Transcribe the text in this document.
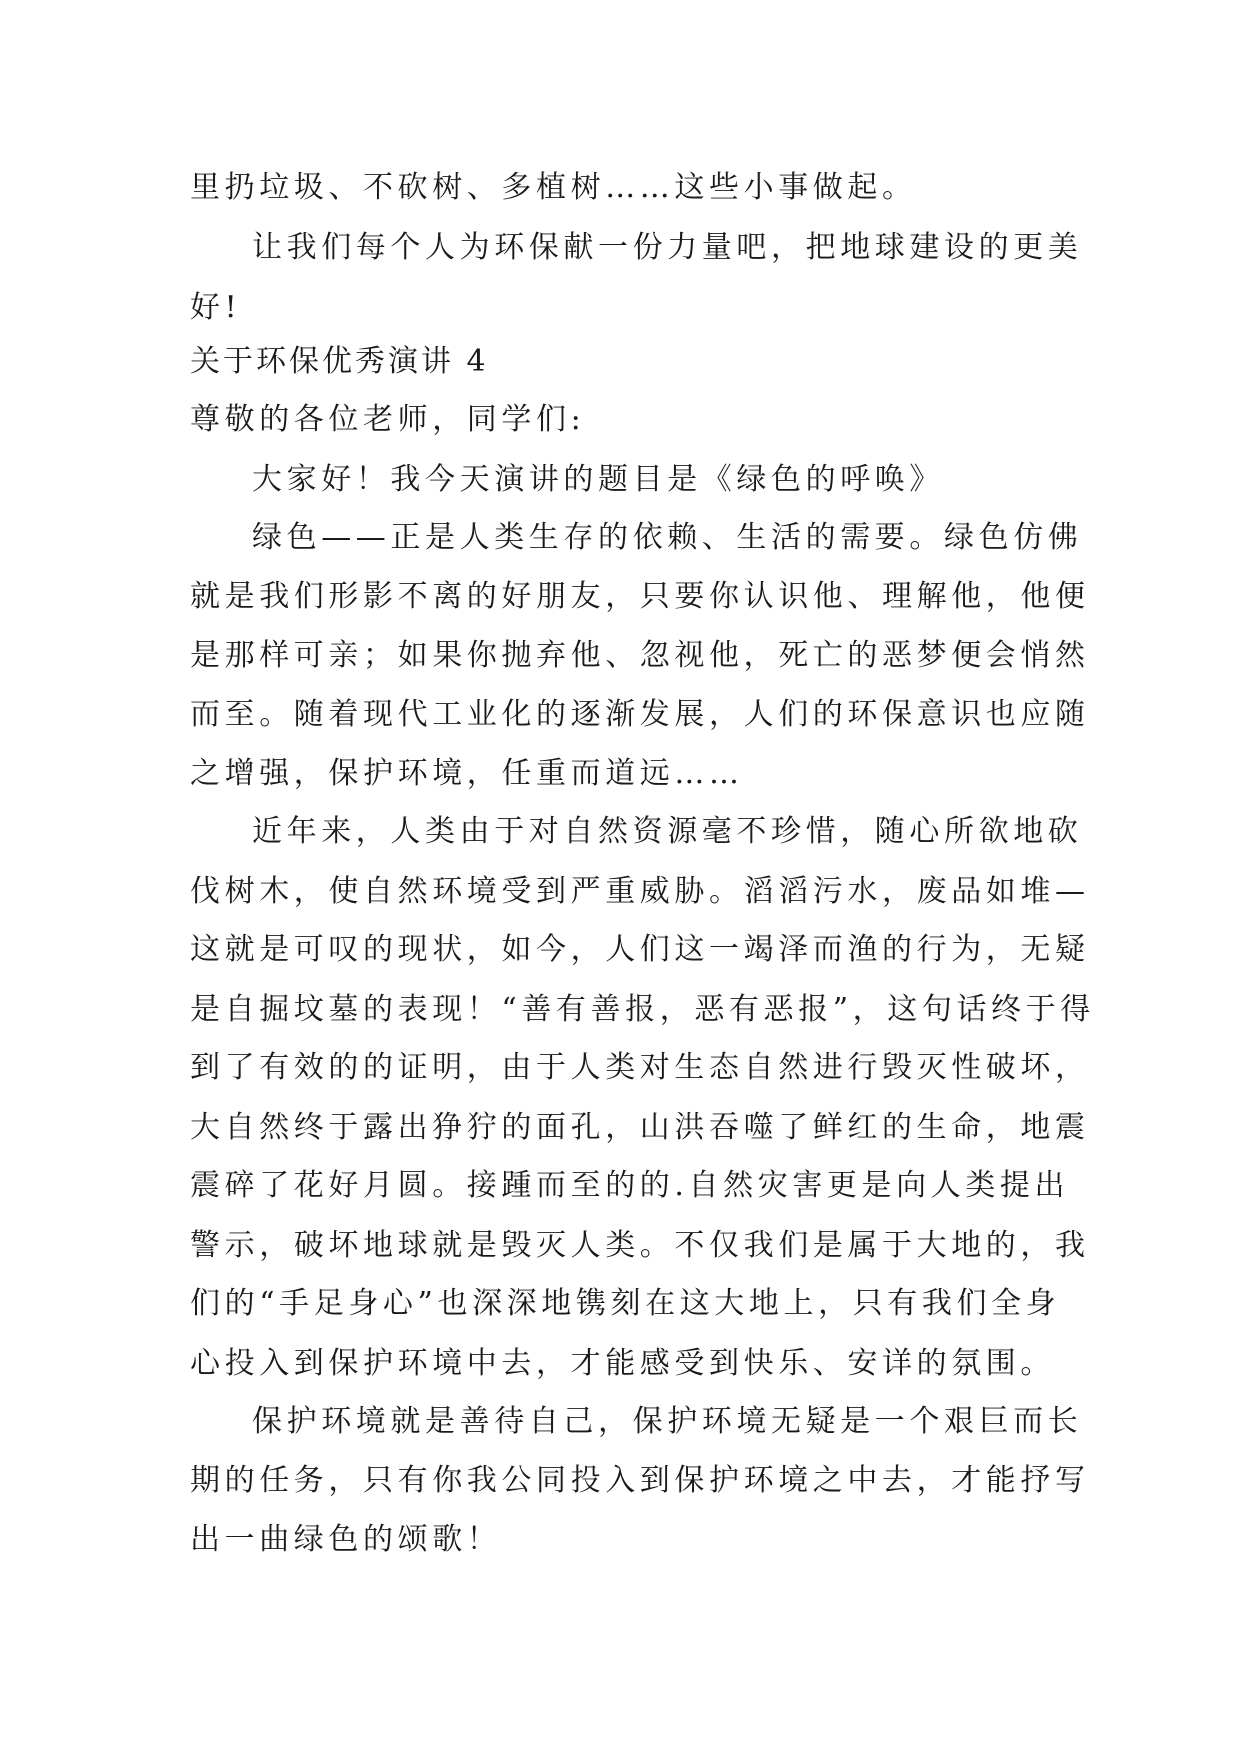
里扔垃圾、不砍树、多植树……这些小事做起。
让我们每个人为环保献一份力量吧，把地球建设的更美
好!
关于环保优秀演讲 4
尊敬的各位老师，同学们:
大家好！我今天演讲的题目是《绿色的呼唤》
绿色——正是人类生存的依赖、生活的需要。绿色仿佛
就是我们形影不离的好朋友，只要你认识他、理解他，他便
是那样可亲；如果你抛弃他、忽视他，死亡的恶梦便会悄然
而至。随着现代工业化的逐渐发展，人们的环保意识也应随
之增强，保护环境，任重而道远……
近年来，人类由于对自然资源毫不珍惜，随心所欲地砍
伐树木，使自然环境受到严重威胁。滔滔污水，废品如堆—
这就是可叹的现状，如今，人们这一竭泽而渔的行为，无疑
是自掘坟墓的表现！“善有善报，恶有恶报”，这句话终于得
到了有效的的证明，由于人类对生态自然进行毁灭性破坏，
大自然终于露出狰狞的面孔，山洪吞噬了鲜红的生命，地震
震碎了花好月圆。接踵而至的的.自然灾害更是向人类提出
警示，破坏地球就是毁灭人类。不仅我们是属于大地的，我
们的“手足身心”也深深地镌刻在这大地上，只有我们全身
心投入到保护环境中去，才能感受到快乐、安详的氛围。
保护环境就是善待自己，保护环境无疑是一个艰巨而长
期的任务，只有你我公同投入到保护环境之中去，才能抒写
出一曲绿色的颂歌！
